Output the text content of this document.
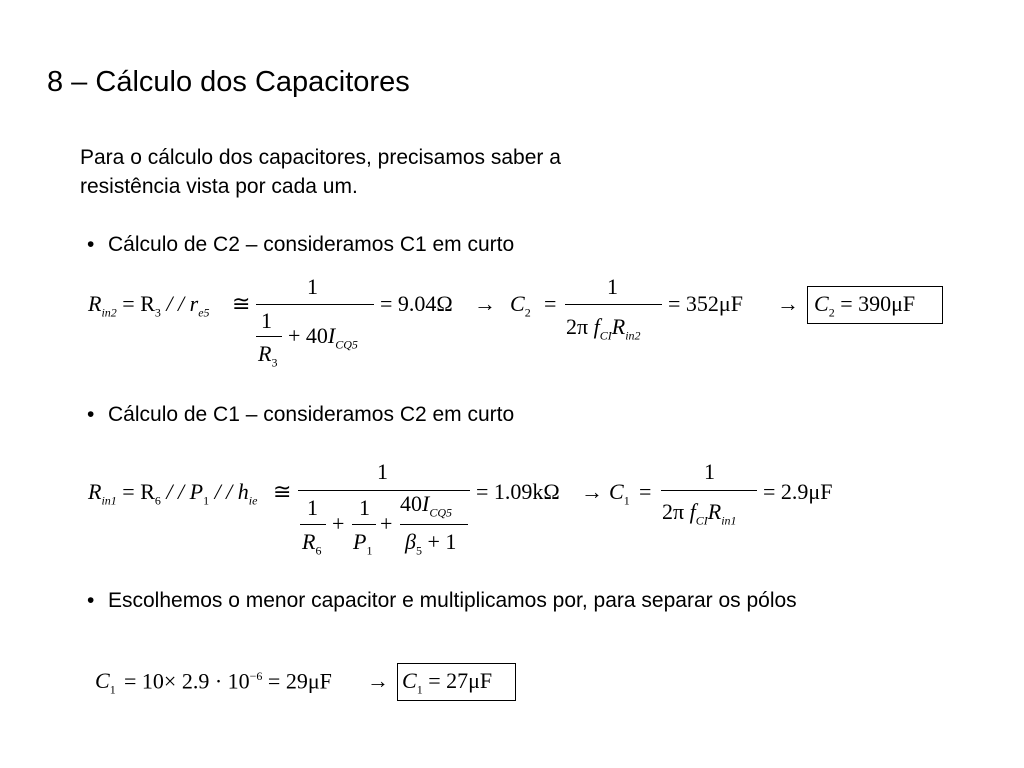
8 – Cálculo dos Capacitores
Para o cálculo dos capacitores, precisamos saber a
resistência vista por cada um.
• Cálculo de C2 – consideramos C1 em curto
$R_{in2} = R_3$ / / $r_{e5}$ ≅
1
1
$R_3$
+ $40I_{CQ5}$
= $9.04\Omega \to C_2$ =
1
2π $f_{CI}R_{in2}$
= $352\mu F \to C_2 = 390\mu F$
• Cálculo de C1 – consideramos C2 em curto
$R_{in1} = R_6$ / / $P_1$ / / $h_{ie}$ ≅
1
1
$R_6$
+
1
$P_1$
+
$40I_{CQ5}$
$\beta_5 + 1$
= $1.09k\Omega \to C_1$ =
1
2π $f_{CI}R_{in1}$
= 2.9μF
• Escolhemos o menor capacitor e multiplicamos por, para separar os pólos
$C_1 = 10\times 2.9 \cdot 10^{-6} = 29\mu F \to C_1 = 27\mu F$
